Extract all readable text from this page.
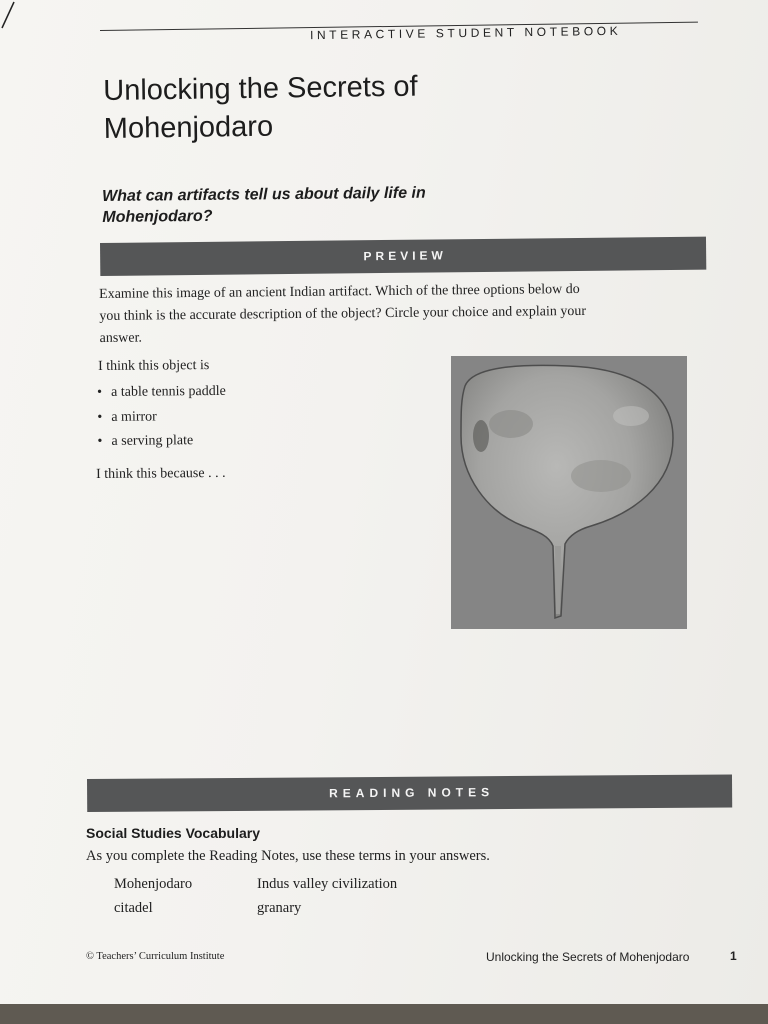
INTERACTIVE STUDENT NOTEBOOK
Unlocking the Secrets of
Mohenjodaro
What can artifacts tell us about daily life in Mohenjodaro?
PREVIEW
Examine this image of an ancient Indian artifact. Which of the three options below do you think is the accurate description of the object? Circle your choice and explain your answer.
I think this object is
• a table tennis paddle
• a mirror
• a serving plate
I think this because . . .
READING NOTES
Social Studies Vocabulary
As you complete the Reading Notes, use these terms in your answers.
Mohenjodaro	Indus valley civilization
citadel	granary
© Teachers’ Curriculum Institute	Unlocking the Secrets of Mohenjodaro	1
